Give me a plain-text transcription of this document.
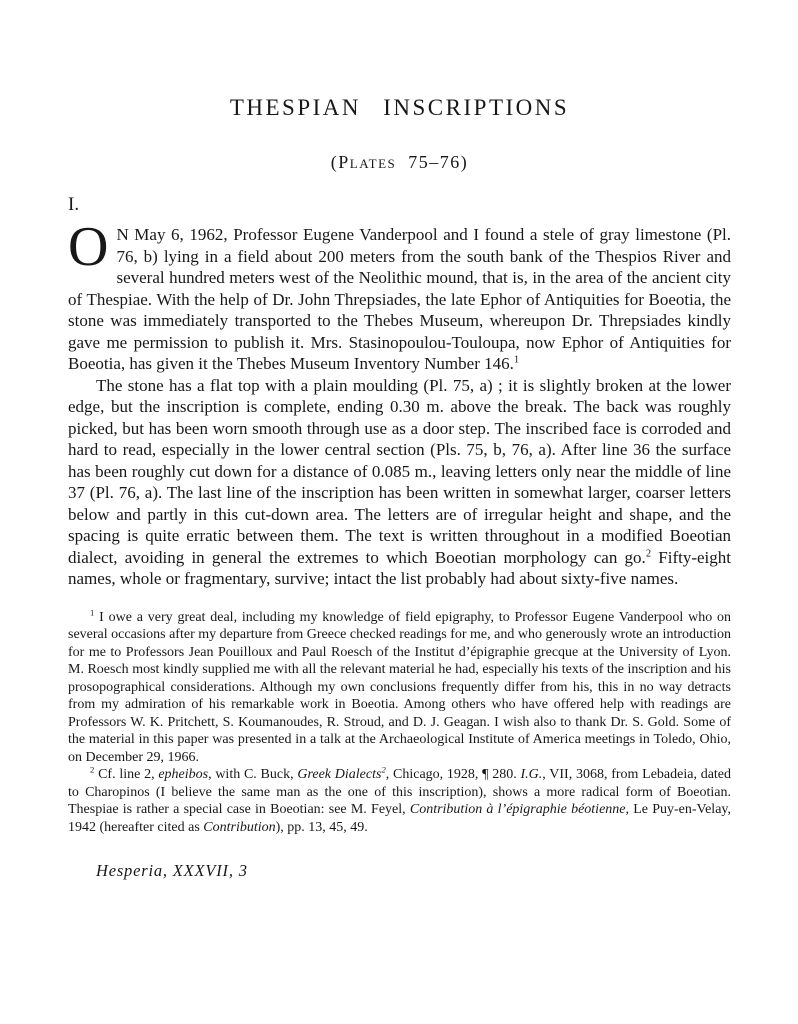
THESPIAN INSCRIPTIONS
(Plates 75–76)
I.

O N May 6, 1962, Professor Eugene Vanderpool and I found a stele of gray limestone (Pl. 76, b) lying in a field about 200 meters from the south bank of the Thespios River and several hundred meters west of the Neolithic mound, that is, in the area of the ancient city of Thespiae. With the help of Dr. John Threpsiades, the late Ephor of Antiquities for Boeotia, the stone was immediately transported to the Thebes Museum, whereupon Dr. Threpsiades kindly gave me permission to publish it. Mrs. Stasinopoulou-Touloupa, now Ephor of Antiquities for Boeotia, has given it the Thebes Museum Inventory Number 146.$^1$

The stone has a flat top with a plain moulding (Pl. 75, a) ; it is slightly broken at the lower edge, but the inscription is complete, ending 0.30 m. above the break. The back was roughly picked, but has been worn smooth through use as a door step. The inscribed face is corroded and hard to read, especially in the lower central section (Pls. 75, b, 76, a). After line 36 the surface has been roughly cut down for a distance of 0.085 m., leaving letters only near the middle of line 37 (Pl. 76, a). The last line of the inscription has been written in somewhat larger, coarser letters below and partly in this cut-down area. The letters are of irregular height and shape, and the spacing is quite erratic between them. The text is written throughout in a modified Boeotian dialect, avoiding in general the extremes to which Boeotian morphology can go.$^2$ Fifty-eight names, whole or fragmentary, survive; intact the list probably had about sixty-five names.

$^1$ I owe a very great deal, including my knowledge of field epigraphy, to Professor Eugene Vanderpool who on several occasions after my departure from Greece checked readings for me, and who generously wrote an introduction for me to Professors Jean Pouilloux and Paul Roesch of the Institut d’épigraphie grecque at the University of Lyon. M. Roesch most kindly supplied me with all the relevant material he had, especially his texts of the inscription and his prosopographical considerations. Although my own conclusions frequently differ from his, this in no way detracts from my admiration of his remarkable work in Boeotia. Among others who have offered help with readings are Professors W. K. Pritchett, S. Koumanoudes, R. Stroud, and D. J. Geagan. I wish also to thank Dr. S. Gold. Some of the material in this paper was presented in a talk at the Archaeological Institute of America meetings in Toledo, Ohio, on December 29, 1966.

$^2$ Cf. line 2, epheibos, with C. Buck, Greek Dialects$^2$, Chicago, 1928, ¶ 280. I.G., VII, 3068, from Lebadeia, dated to Charopinos (I believe the same man as the one of this inscription), shows a more radical form of Boeotian. Thespiae is rather a special case in Boeotian: see M. Feyel, Contribution à l’épigraphie béotienne, Le Puy-en-Velay, 1942 (hereafter cited as Contribution), pp. 13, 45, 49.

Hesperia, XXXVII, 3
